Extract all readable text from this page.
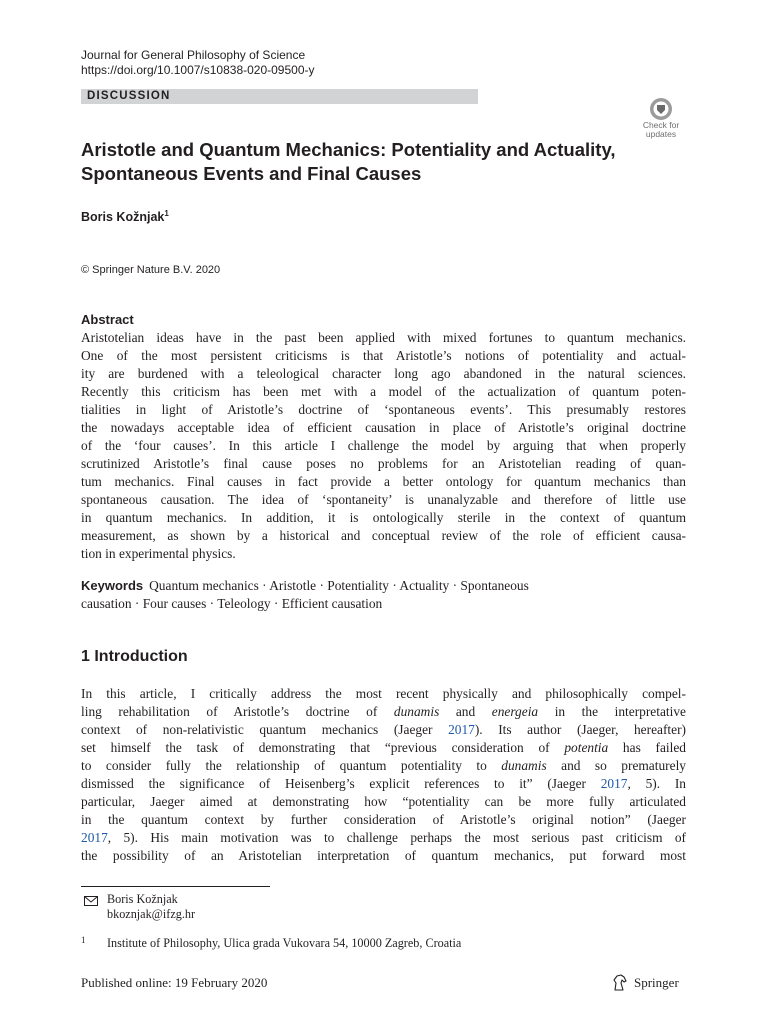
Journal for General Philosophy of Science
https://doi.org/10.1007/s10838-020-09500-y
DISCUSSION
Check for
updates
Aristotle and Quantum Mechanics: Potentiality and Actuality,
Spontaneous Events and Final Causes
Boris Kožnjak$^1$
© Springer Nature B.V. 2020
Abstract
Aristotelian ideas have in the past been applied with mixed fortunes to quantum mechanics.
One of the most persistent criticisms is that Aristotle’s notions of potentiality and actual-
ity are burdened with a teleological character long ago abandoned in the natural sciences.
Recently this criticism has been met with a model of the actualization of quantum poten-
tialities in light of Aristotle’s doctrine of ‘spontaneous events’. This presumably restores
the nowadays acceptable idea of efficient causation in place of Aristotle’s original doctrine
of the ‘four causes’. In this article I challenge the model by arguing that when properly
scrutinized Aristotle’s final cause poses no problems for an Aristotelian reading of quan-
tum mechanics. Final causes in fact provide a better ontology for quantum mechanics than
spontaneous causation. The idea of ‘spontaneity’ is unanalyzable and therefore of little use
in quantum mechanics. In addition, it is ontologically sterile in the context of quantum
measurement, as shown by a historical and conceptual review of the role of efficient causa-
tion in experimental physics.
Keywords Quantum mechanics · Aristotle · Potentiality · Actuality · Spontaneous
causation · Four causes · Teleology · Efficient causation
1 Introduction
In this article, I critically address the most recent physically and philosophically compel-
ling rehabilitation of Aristotle’s doctrine of dunamis and energeia in the interpretative
context of non-relativistic quantum mechanics (Jaeger 2017). Its author (Jaeger, hereafter)
set himself the task of demonstrating that “previous consideration of potentia has failed
to consider fully the relationship of quantum potentiality to dunamis and so prematurely
dismissed the significance of Heisenberg’s explicit references to it” (Jaeger 2017, 5). In
particular, Jaeger aimed at demonstrating how “potentiality can be more fully articulated
in the quantum context by further consideration of Aristotle’s original notion” (Jaeger
2017, 5). His main motivation was to challenge perhaps the most serious past criticism of
the possibility of an Aristotelian interpretation of quantum mechanics, put forward most
Boris Kožnjak
bkoznjak@ifzg.hr
1 Institute of Philosophy, Ulica grada Vukovara 54, 10000 Zagreb, Croatia
Published online: 19 February 2020	Springer
